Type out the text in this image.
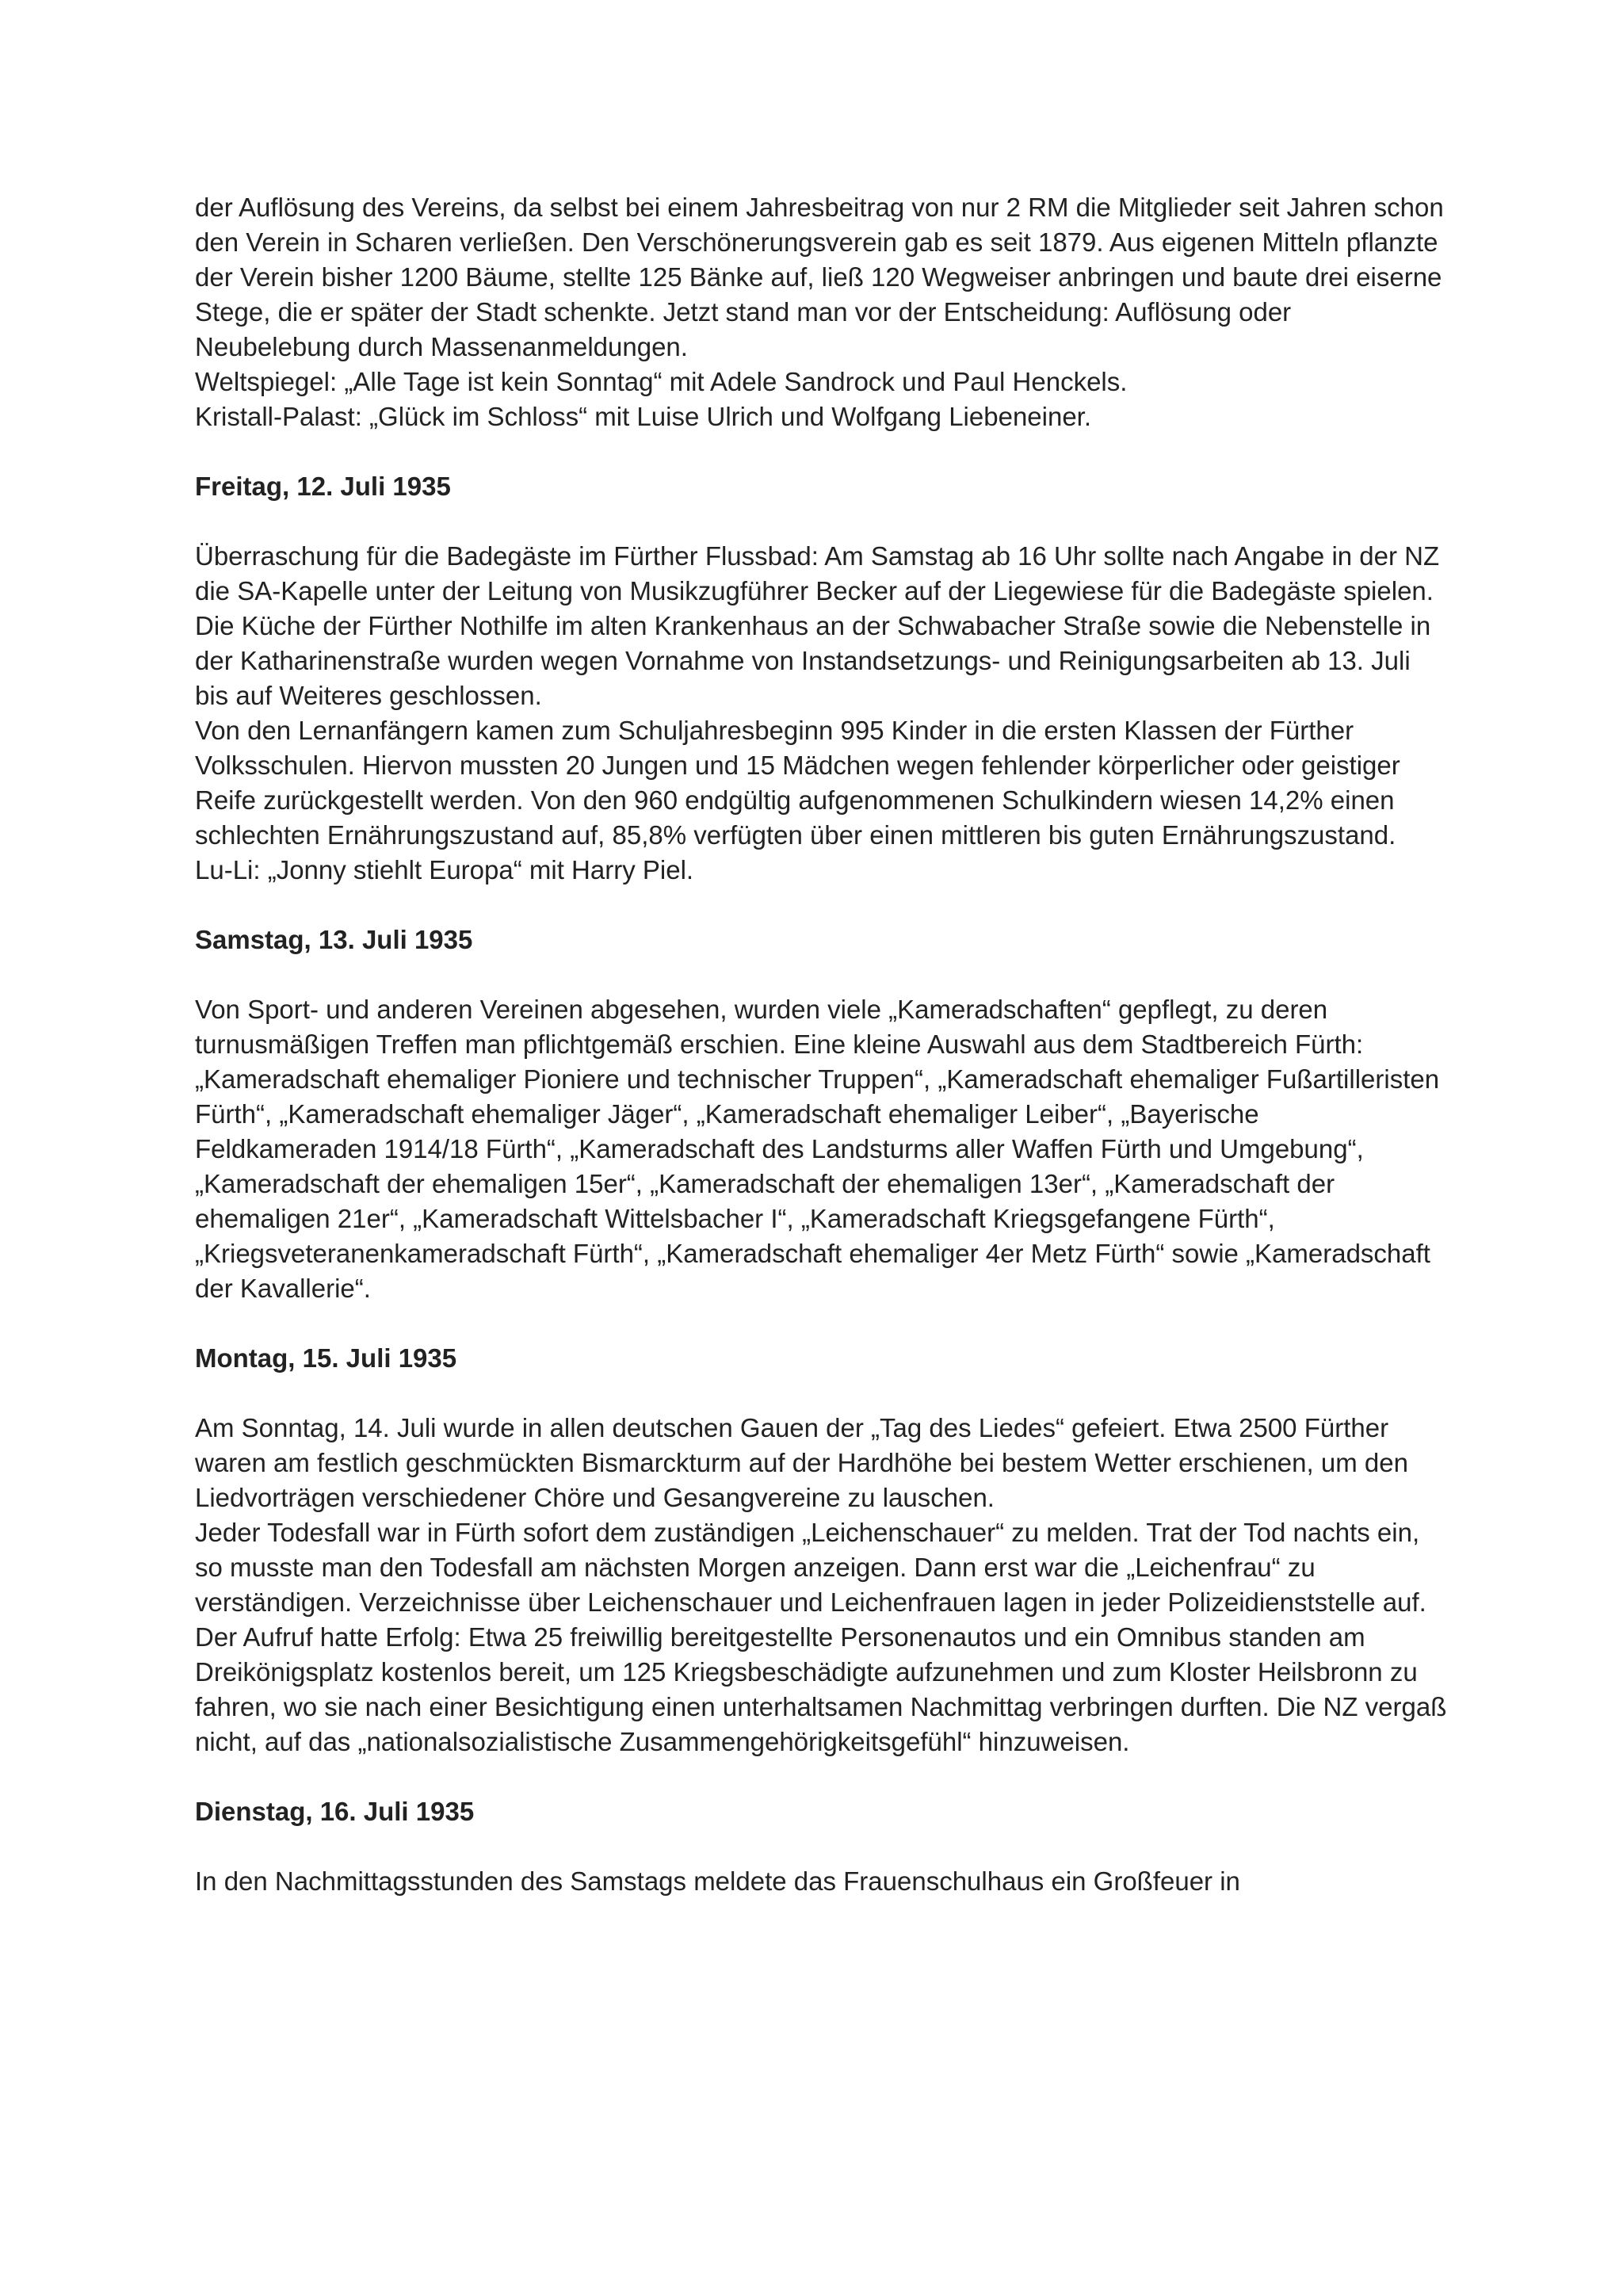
der Auflösung des Vereins, da selbst bei einem Jahresbeitrag von nur 2 RM die Mitglieder seit Jahren schon den Verein in Scharen verließen. Den Verschönerungsverein gab es seit 1879. Aus eigenen Mitteln pflanzte der Verein bisher 1200 Bäume, stellte 125 Bänke auf, ließ 120 Wegweiser anbringen und baute drei eiserne Stege, die er später der Stadt schenkte. Jetzt stand man vor der Entscheidung: Auflösung oder Neubelebung durch Massenanmeldungen.

Weltspiegel: „Alle Tage ist kein Sonntag“ mit Adele Sandrock und Paul Henckels.

Kristall-Palast: „Glück im Schloss“ mit Luise Ulrich und Wolfgang Liebeneiner.

Freitag, 12. Juli 1935

Überraschung für die Badegäste im Fürther Flussbad: Am Samstag ab 16 Uhr sollte nach Angabe in der NZ die SA-Kapelle unter der Leitung von Musikzugführer Becker auf der Liegewiese für die Badegäste spielen.

Die Küche der Fürther Nothilfe im alten Krankenhaus an der Schwabacher Straße sowie die Nebenstelle in der Katharinenstraße wurden wegen Vornahme von Instandsetzungs- und Reinigungsarbeiten ab 13. Juli bis auf Weiteres geschlossen.

Von den Lernanfängern kamen zum Schuljahresbeginn 995 Kinder in die ersten Klassen der Fürther Volksschulen. Hiervon mussten 20 Jungen und 15 Mädchen wegen fehlender körperlicher oder geistiger Reife zurückgestellt werden. Von den 960 endgültig aufgenommenen Schulkindern wiesen 14,2% einen schlechten Ernährungszustand auf, 85,8% verfügten über einen mittleren bis guten Ernährungszustand.

Lu-Li: „Jonny stiehlt Europa“ mit Harry Piel.

Samstag, 13. Juli 1935

Von Sport- und anderen Vereinen abgesehen, wurden viele „Kameradschaften“ gepflegt, zu deren turnusmäßigen Treffen man pflichtgemäß erschien. Eine kleine Auswahl aus dem Stadtbereich Fürth: „Kameradschaft ehemaliger Pioniere und technischer Truppen“, „Kameradschaft ehemaliger Fußartilleristen Fürth“, „Kameradschaft ehemaliger Jäger“, „Kameradschaft ehemaliger Leiber“, „Bayerische Feldkameraden 1914/18 Fürth“, „Kameradschaft des Landsturms aller Waffen Fürth und Umgebung“, „Kameradschaft der ehemaligen 15er“, „Kameradschaft der ehemaligen 13er“, „Kameradschaft der ehemaligen 21er“, „Kameradschaft Wittelsbacher I“, „Kameradschaft Kriegsgefangene Fürth“, „Kriegsveteranenkameradschaft Fürth“, „Kameradschaft ehemaliger 4er Metz Fürth“ sowie „Kameradschaft der Kavallerie“.

Montag, 15. Juli 1935

Am Sonntag, 14. Juli wurde in allen deutschen Gauen der „Tag des Liedes“ gefeiert. Etwa 2500 Fürther waren am festlich geschmückten Bismarckturm auf der Hardhöhe bei bestem Wetter erschienen, um den Liedvorträgen verschiedener Chöre und Gesangvereine zu lauschen.

Jeder Todesfall war in Fürth sofort dem zuständigen „Leichenschauer“ zu melden. Trat der Tod nachts ein, so musste man den Todesfall am nächsten Morgen anzeigen. Dann erst war die „Leichenfrau“ zu verständigen. Verzeichnisse über Leichenschauer und Leichenfrauen lagen in jeder Polizeidienststelle auf.

Der Aufruf hatte Erfolg: Etwa 25 freiwillig bereitgestellte Personenautos und ein Omnibus standen am Dreikönigsplatz kostenlos bereit, um 125 Kriegsbeschädigte aufzunehmen und zum Kloster Heilsbronn zu fahren, wo sie nach einer Besichtigung einen unterhaltsamen Nachmittag verbringen durften. Die NZ vergaß nicht, auf das „nationalsozialistische Zusammengehörigkeitsgefühl“ hinzuweisen.

Dienstag, 16. Juli 1935

In den Nachmittagsstunden des Samstags meldete das Frauenschulhaus ein Großfeuer in
